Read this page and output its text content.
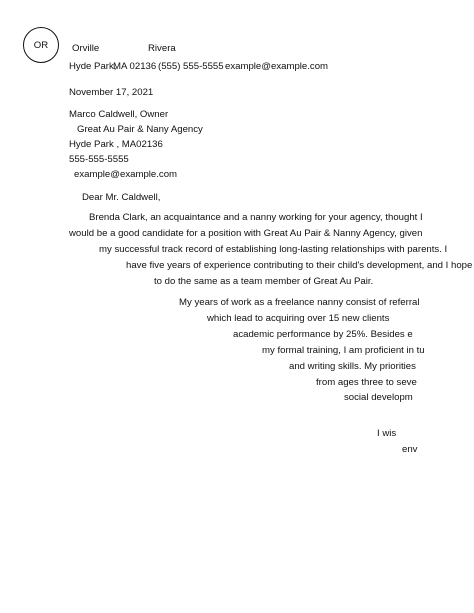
OR Orville	Rivera
Hyde Park,
MA 02136 (555) 555-5555 example@example.com
November 17, 2021
Marco Caldwell, Owner
Great Au Pair & Nany Agency
Hyde Park , MA02136
555-555-5555
example@example.com
Dear Mr. Caldwell,
Brenda Clark, an acquaintance and a nanny working for your agency, thought I
would be a good candidate for a position with Great Au Pair & Nanny Agency, given
my successful track record of establishing long-lasting relationships with parents. I
have five years of experience contributing to their child's development, and I hope
to do the same as a team member of Great Au Pair.
My years of work as a freelance nanny consist of referral
which lead to acquiring over 15 new clients
academic performance by 25%. Besides e
my formal training, I am proficient in tu
and writing skills. My priorities
from ages three to seve
social developm
I wis
env
